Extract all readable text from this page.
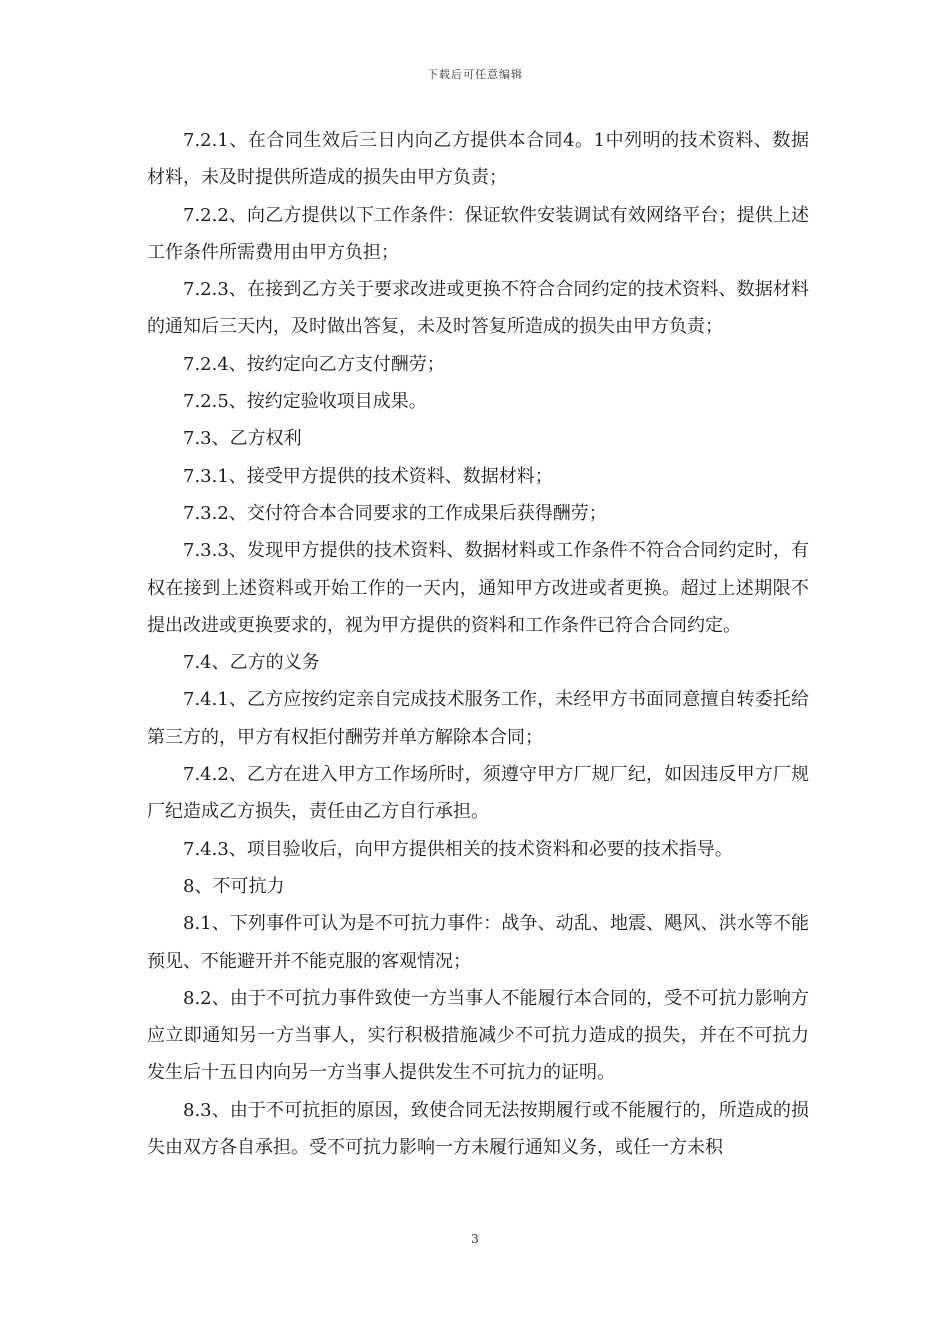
下载后可任意编辑

7.2.1、在合同生效后三日内向乙方提供本合同4。1中列明的技术资料、数据材料，未及时提供所造成的损失由甲方负责；

7.2.2、向乙方提供以下工作条件：保证软件安装调试有效网络平台；提供上述工作条件所需费用由甲方负担；

7.2.3、在接到乙方关于要求改进或更换不符合合同约定的技术资料、数据材料的通知后三天内，及时做出答复，未及时答复所造成的损失由甲方负责；

7.2.4、按约定向乙方支付酬劳；

7.2.5、按约定验收项目成果。

7.3、乙方权利

7.3.1、接受甲方提供的技术资料、数据材料；

7.3.2、交付符合本合同要求的工作成果后获得酬劳；

7.3.3、发现甲方提供的技术资料、数据材料或工作条件不符合合同约定时，有权在接到上述资料或开始工作的一天内，通知甲方改进或者更换。超过上述期限不提出改进或更换要求的，视为甲方提供的资料和工作条件已符合合同约定。

7.4、乙方的义务

7.4.1、乙方应按约定亲自完成技术服务工作，未经甲方书面同意擅自转委托给第三方的，甲方有权拒付酬劳并单方解除本合同；

7.4.2、乙方在进入甲方工作场所时，须遵守甲方厂规厂纪，如因违反甲方厂规厂纪造成乙方损失，责任由乙方自行承担。

7.4.3、项目验收后，向甲方提供相关的技术资料和必要的技术指导。

8、不可抗力

8.1、下列事件可认为是不可抗力事件：战争、动乱、地震、飓风、洪水等不能预见、不能避开并不能克服的客观情况；

8.2、由于不可抗力事件致使一方当事人不能履行本合同的，受不可抗力影响方应立即通知另一方当事人，实行积极措施减少不可抗力造成的损失，并在不可抗力发生后十五日内向另一方当事人提供发生不可抗力的证明。

8.3、由于不可抗拒的原因，致使合同无法按期履行或不能履行的，所造成的损失由双方各自承担。受不可抗力影响一方未履行通知义务，或任一方未积

3
